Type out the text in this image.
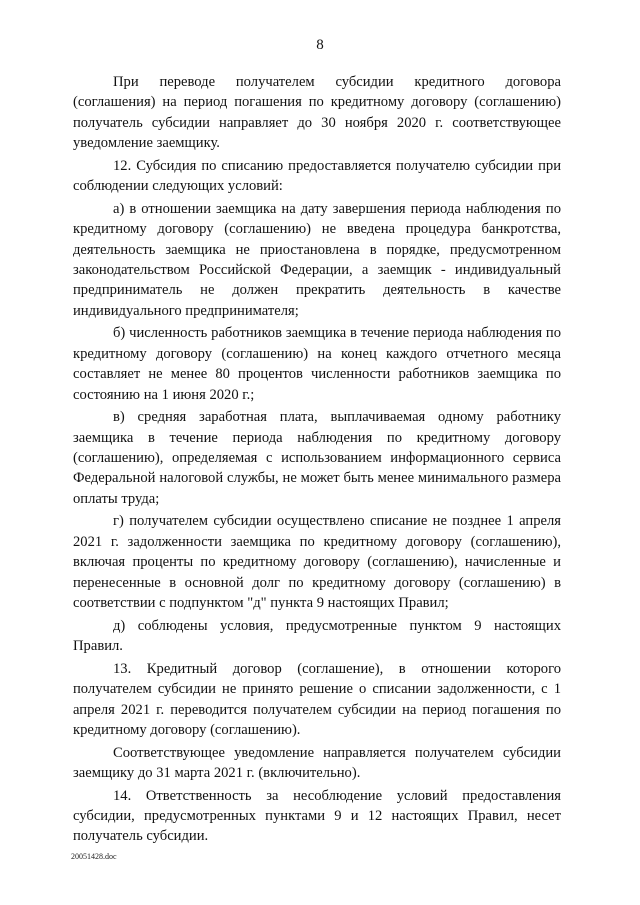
8

При переводе получателем субсидии кредитного договора (соглашения) на период погашения по кредитному договору (соглашению) получатель субсидии направляет до 30 ноября 2020 г. соответствующее уведомление заемщику.

12. Субсидия по списанию предоставляется получателю субсидии при соблюдении следующих условий:

а) в отношении заемщика на дату завершения периода наблюдения по кредитному договору (соглашению) не введена процедура банкротства, деятельность заемщика не приостановлена в порядке, предусмотренном законодательством Российской Федерации, а заемщик - индивидуальный предприниматель не должен прекратить деятельность в качестве индивидуального предпринимателя;

б) численность работников заемщика в течение периода наблюдения по кредитному договору (соглашению) на конец каждого отчетного месяца составляет не менее 80 процентов численности работников заемщика по состоянию на 1 июня 2020 г.;

в) средняя заработная плата, выплачиваемая одному работнику заемщика в течение периода наблюдения по кредитному договору (соглашению), определяемая с использованием информационного сервиса Федеральной налоговой службы, не может быть менее минимального размера оплаты труда;

г) получателем субсидии осуществлено списание не позднее 1 апреля 2021 г. задолженности заемщика по кредитному договору (соглашению), включая проценты по кредитному договору (соглашению), начисленные и перенесенные в основной долг по кредитному договору (соглашению) в соответствии с подпунктом "д" пункта 9 настоящих Правил;

д) соблюдены условия, предусмотренные пунктом 9 настоящих Правил.

13. Кредитный договор (соглашение), в отношении которого получателем субсидии не принято решение о списании задолженности, с 1 апреля 2021 г. переводится получателем субсидии на период погашения по кредитному договору (соглашению).

Соответствующее уведомление направляется получателем субсидии заемщику до 31 марта 2021 г. (включительно).

14. Ответственность за несоблюдение условий предоставления субсидии, предусмотренных пунктами 9 и 12 настоящих Правил, несет получатель субсидии.

20051428.doc
